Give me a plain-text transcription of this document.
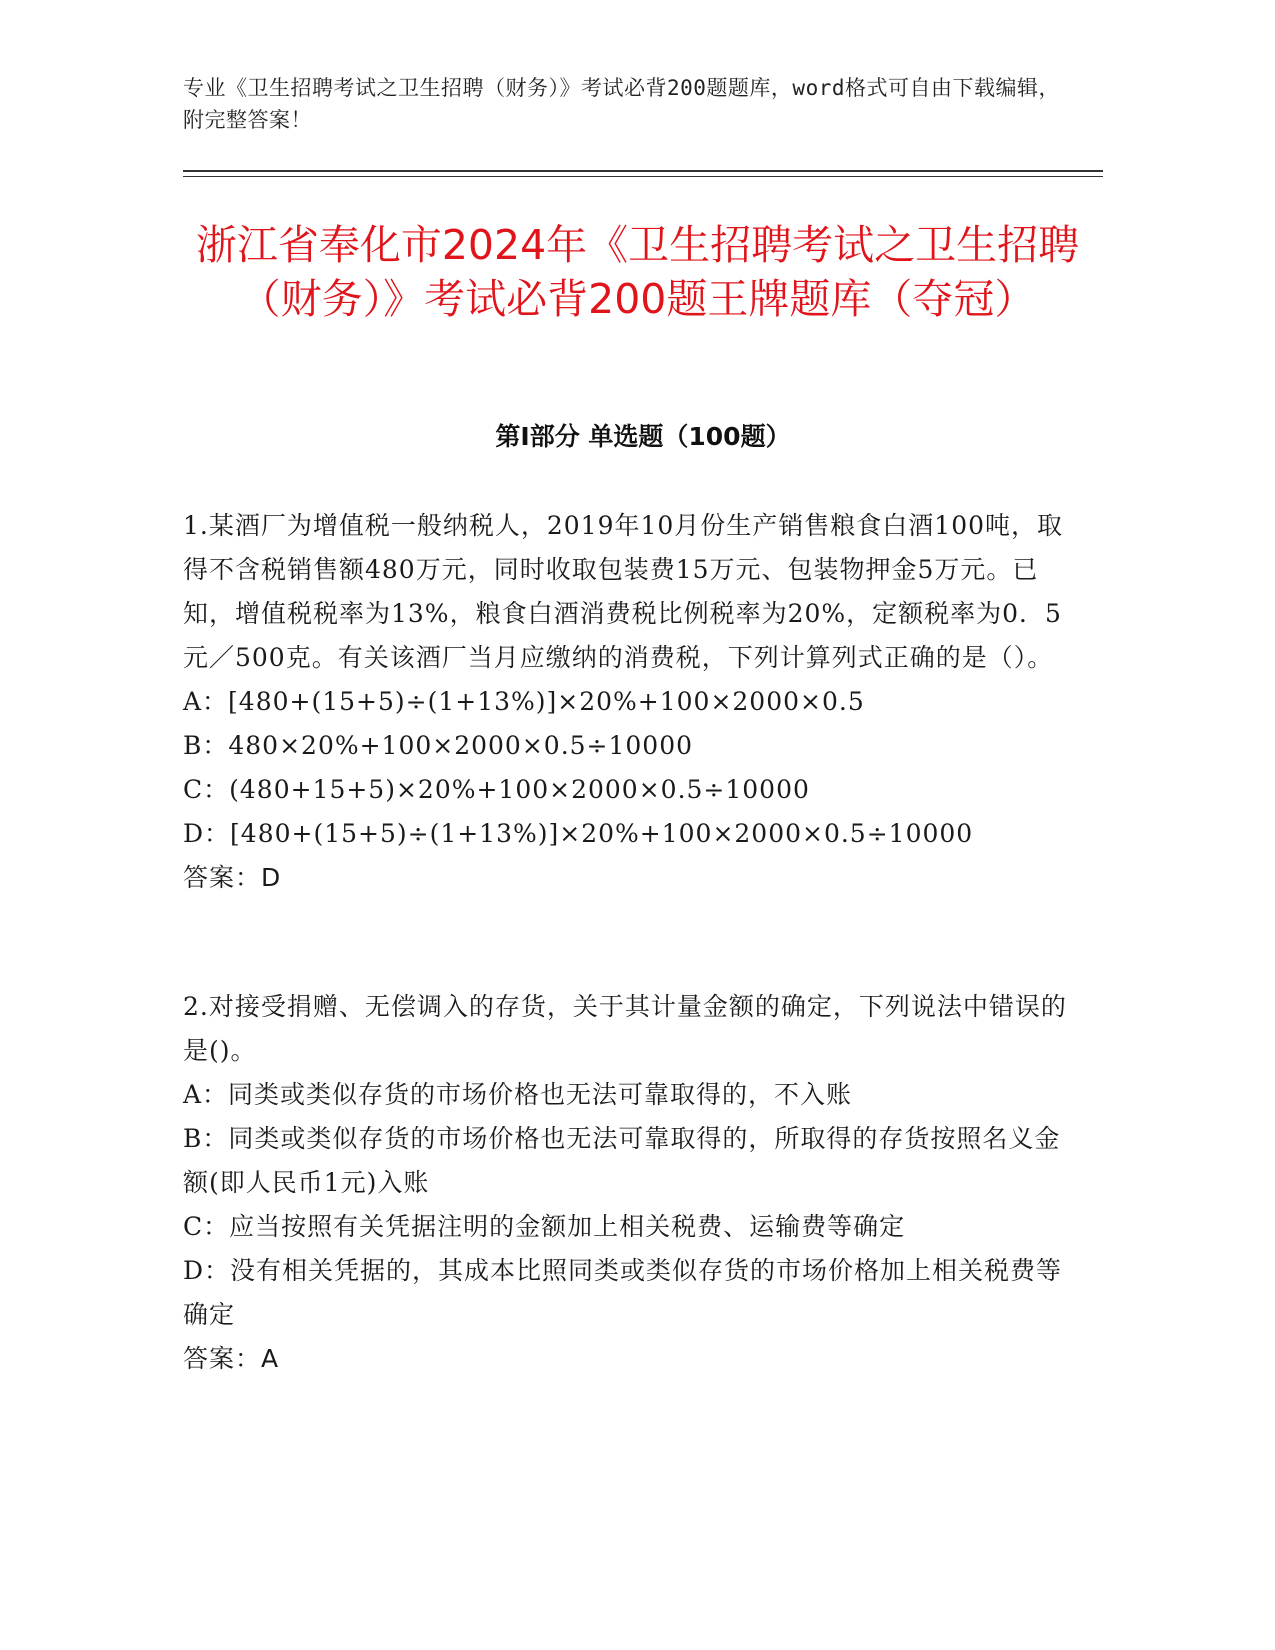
专业《卫生招聘考试之卫生招聘（财务）》考试必背200题题库，word格式可自由下载编辑，附完整答案！
浙江省奉化市2024年《卫生招聘考试之卫生招聘（财务）》考试必背200题王牌题库（夺冠）
第Ⅰ部分 单选题（100题）

1.某酒厂为增值税一般纳税人，2019年10月份生产销售粮食白酒100吨，取得不含税销售额480万元，同时收取包装费15万元、包装物押金5万元。已知，增值税税率为13%，粮食白酒消费税比例税率为20%，定额税率为0．5元／500克。有关该酒厂当月应缴纳的消费税，下列计算列式正确的是（）。

A：[480+(15+5)÷(1+13%)]×20%+100×2000×0.5

B：480×20%+100×2000×0.5÷10000

C：(480+15+5)×20%+100×2000×0.5÷10000

D：[480+(15+5)÷(1+13%)]×20%+100×2000×0.5÷10000

答案：D

2.对接受捐赠、无偿调入的存货，关于其计量金额的确定，下列说法中错误的是()。

A：同类或类似存货的市场价格也无法可靠取得的，不入账

B：同类或类似存货的市场价格也无法可靠取得的，所取得的存货按照名义金额(即人民币1元)入账

C：应当按照有关凭据注明的金额加上相关税费、运输费等确定

D：没有相关凭据的，其成本比照同类或类似存货的市场价格加上相关税费等确定

答案：A
